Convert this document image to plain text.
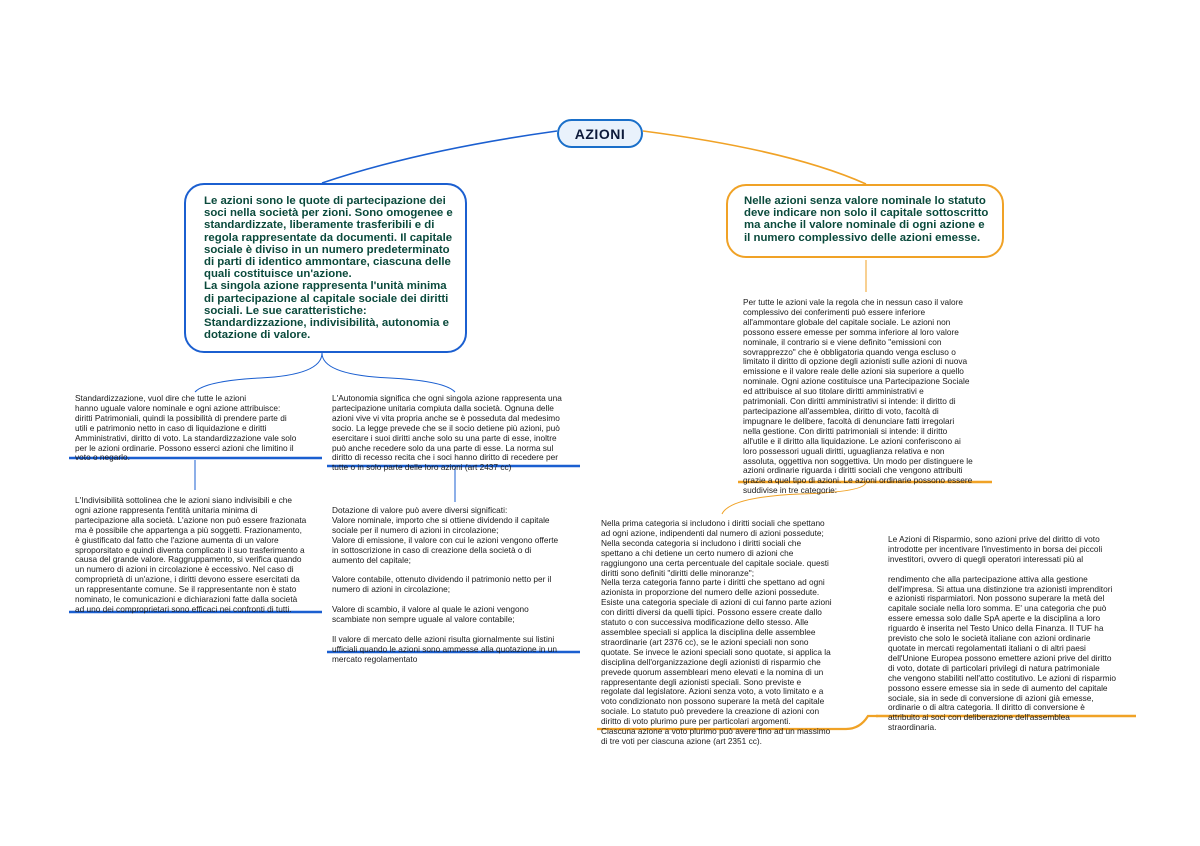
AZIONI
Le azioni sono le quote di partecipazione dei soci nella società per zioni. Sono omogenee e standardizzate, liberamente trasferibili e di regola rappresentate da documenti. Il capitale sociale è diviso in un numero predeterminato di parti di identico ammontare, ciascuna delle quali costituisce un'azione.
La singola azione rappresenta l'unità minima di partecipazione al capitale sociale dei diritti sociali. Le sue caratteristiche: Standardizzazione, indivisibilità, autonomia e dotazione di valore.
Nelle azioni senza valore nominale lo statuto deve indicare non solo il capitale sottoscritto ma anche il valore nominale di ogni azione e il numero complessivo delle azioni emesse.
Standardizzazione, vuol dire che tutte le azioni
hanno uguale valore nominale e ogni azione attribuisce:
diritti Patrimoniali, quindi la possibilità di prendere parte di
utili e patrimonio netto in caso di liquidazione e diritti
Amministrativi, diritto di voto. La standardizzazione vale solo
per le azioni ordinarie. Possono esserci azioni che limitino il
voto o negarlo.
L'Autonomia significa che ogni singola azione rappresenta una
partecipazione unitaria compiuta dalla società. Ognuna delle
azioni vive vi vita propria anche se è posseduta dal medesimo
socio. La legge prevede che se il socio detiene più azioni, può
esercitare i suoi diritti anche solo su una parte di esse, inoltre
può anche recedere solo da una parte di esse. La norma sul
diritto di recesso recita che i soci hanno diritto di recedere per
tutte o in solo parte delle loro azioni (art 2437 cc)
L'Indivisibilità sottolinea che le azioni siano indivisibili e che
ogni azione rappresenta l'entità unitaria minima di
partecipazione alla società. L'azione non può essere frazionata
ma è possibile che appartenga a più soggetti. Frazionamento,
è giustificato dal fatto che l'azione aumenta di un valore
sproporsitato e quindi diventa complicato il suo trasferimento a
causa del grande valore. Raggruppamento, si verifica quando
un numero di azioni in circolazione è eccessivo. Nel caso di
comproprietà di un'azione, i diritti devono essere esercitati da
un rappresentante comune. Se il rappresentante non è stato
nominato, le comunicazioni e dichiarazioni fatte dalla società
ad uno dei comproprietari sono efficaci nei confronti di tutti.
Dotazione di valore può avere diversi significati:
Valore nominale, importo che si ottiene dividendo il capitale
sociale per il numero di azioni in circolazione;
Valore di emissione, il valore con cui le azioni vengono offerte
in sottoscrizione in caso di creazione della società o di
aumento del capitale;

Valore contabile, ottenuto dividendo il patrimonio netto per il
numero di azioni in circolazione;

Valore di scambio, il valore al quale le azioni vengono
scambiate non sempre uguale al valore contabile;

Il valore di mercato delle azioni risulta giornalmente sui listini
ufficiali quando le azioni sono ammesse alla quotazione in un
mercato regolamentato
Per tutte le azioni vale la regola che in nessun caso il valore
complessivo dei conferimenti può essere inferiore
all'ammontare globale del capitale sociale. Le azioni non
possono essere emesse per somma inferiore al loro valore
nominale, il contrario si e viene definito "emissioni con
sovrapprezzo" che è obbligatoria quando venga escluso o
limitato il diritto di opzione degli azionisti sulle azioni di nuova
emissione e il valore reale delle azioni sia superiore a quello
nominale. Ogni azione costituisce una Partecipazione Sociale
ed attribuisce al suo titolare diritti amministrativi e
patrimoniali. Con diritti amministrativi si intende: il diritto di
partecipazione all'assemblea, diritto di voto, facoltà di
impugnare le delibere, facoltà di denunciare fatti irregolari
nella gestione. Con diritti patrimoniali si intende: il diritto
all'utile e il diritto alla liquidazione. Le azioni conferiscono ai
loro possessori uguali diritti, uguaglianza relativa e non
assoluta, oggettiva non soggettiva. Un modo per distinguere le
azioni ordinarie riguarda i diritti sociali che vengono attribuiti
grazie a quel tipo di azioni. Le azioni ordinarie possono essere
suddivise in tre categorie:
Nella prima categoria si includono i diritti sociali che spettano
ad ogni azione, indipendenti dal numero di azioni possedute;
Nella seconda categoria si includono i diritti sociali che
spettano a chi detiene un certo numero di azioni che
raggiungono una certa percentuale del capitale sociale. questi
diritti sono definiti "diritti delle minoranze";
Nella terza categoria fanno parte i diritti che spettano ad ogni
azionista in proporzione del numero delle azioni possedute.
Esiste una categoria speciale di azioni di cui fanno parte azioni
con diritti diversi da quelli tipici. Possono essere create dallo
statuto o con successiva modificazione dello stesso. Alle
assemblee speciali si applica la disciplina delle assemblee
straordinarie (art 2376 cc), se le azioni speciali non sono
quotate. Se invece le azioni speciali sono quotate, si applica la
disciplina dell'organizzazione degli azionisti di risparmio che
prevede quorum assembleari meno elevati e la nomina di un
rappresentante degli azionisti speciali. Sono previste e
regolate dal legislatore. Azioni senza voto, a voto limitato e a
voto condizionato non possono superare la metà del capitale
sociale. Lo statuto può prevedere la creazione di azioni con
diritto di voto plurimo pure per particolari argomenti.
Ciascuna azione a voto plurimo può avere fino ad un massimo
di tre voti per ciascuna azione (art 2351 cc).
Le Azioni di Risparmio, sono azioni prive del diritto di voto
introdotte per incentivare l'investimento in borsa dei piccoli
investitori, ovvero di quegli operatori interessati più al

rendimento che alla partecipazione attiva alla gestione
dell'impresa. Si attua una distinzione tra azionisti imprenditori
e azionisti risparmiatori. Non possono superare la metà del
capitale sociale nella loro somma. E' una categoria che può
essere emessa solo dalle SpA aperte e la disciplina a loro
riguardo è inserita nel Testo Unico della Finanza. Il TUF ha
previsto che solo le società italiane con azioni ordinarie
quotate in mercati regolamentati italiani o di altri paesi
dell'Unione Europea possono emettere azioni prive del diritto
di voto, dotate di particolari privilegi di natura patrimoniale
che vengono stabiliti nell'atto costitutivo. Le azioni di risparmio
possono essere emesse sia in sede di aumento del capitale
sociale, sia in sede di conversione di azioni già emesse,
ordinarie o di altra categoria. Il diritto di conversione è
attribuito ai soci con deliberazione dell'assemblea
straordinaria.
